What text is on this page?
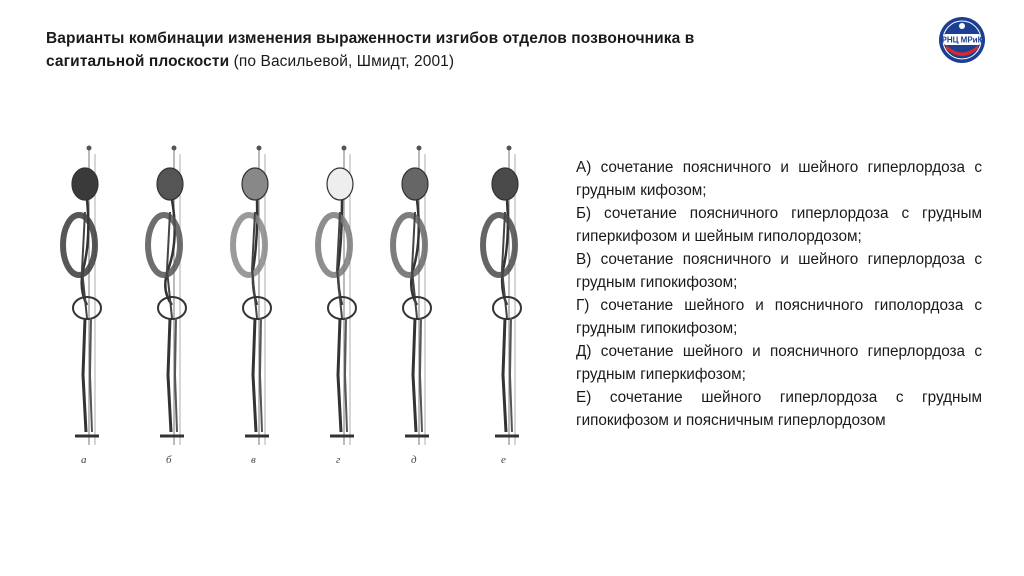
Варианты комбинации изменения выраженности изгибов отделов позвоночника в сагитальной плоскости (по Васильевой, Шмидт, 2001)
РНЦ МРиК
а	б	в	г	д	е

А) сочетание поясничного и шейного гиперлордоза с грудным кифозом;

Б) сочетание поясничного гиперлордоза с грудным гиперкифозом и шейным гиполордозом;

В) сочетание поясничного и шейного гиперлордоза с грудным гипокифозом;

Г) сочетание шейного и поясничного гиполордоза с грудным гипокифозом;

Д) сочетание шейного и поясничного гиперлордоза с грудным гиперкифозом;

Е) сочетание шейного гиперлордоза с грудным гипокифозом и поясничным гиперлордозом
